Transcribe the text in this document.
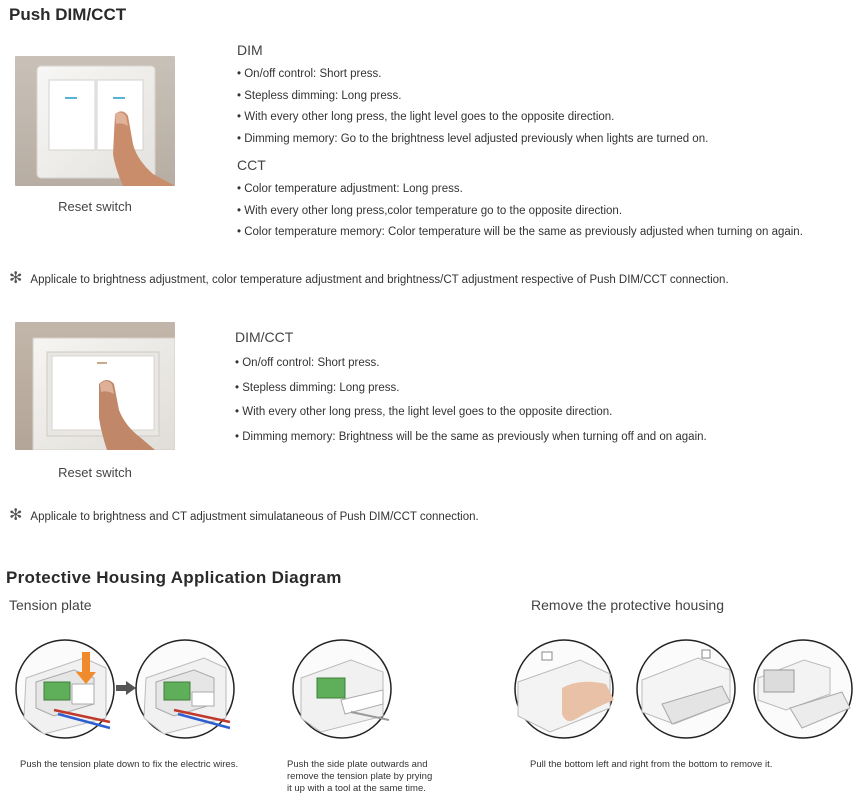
Push DIM/CCT
Reset switch
DIM
• On/off control: Short press.
• Stepless dimming: Long press.
• With every other long press, the light level goes to the opposite direction.
• Dimming memory: Go to the brightness level adjusted previously when lights are turned on.
CCT
• Color temperature adjustment: Long press.
• With every other long press,color temperature go to the opposite direction.
• Color temperature memory: Color temperature will be the same as previously adjusted when turning on again.
✻ Applicale to brightness adjustment, color temperature adjustment and brightness/CT adjustment respective of Push DIM/CCT connection.
Reset switch
DIM/CCT
• On/off control: Short press.
• Stepless dimming: Long press.
• With every other long press, the light level goes to the opposite direction.
• Dimming memory: Brightness will be the same as previously when turning off and on again.
✻ Applicale to brightness and CT adjustment simulataneous of Push DIM/CCT connection.
Protective Housing Application Diagram
Tension plate	Remove the protective housing
Push the tension plate down to fix the electric wires.	Push the side plate outwards and
remove the tension plate by prying
it up with a tool at the same time.
Pull the bottom left and right from the bottom to remove it.
